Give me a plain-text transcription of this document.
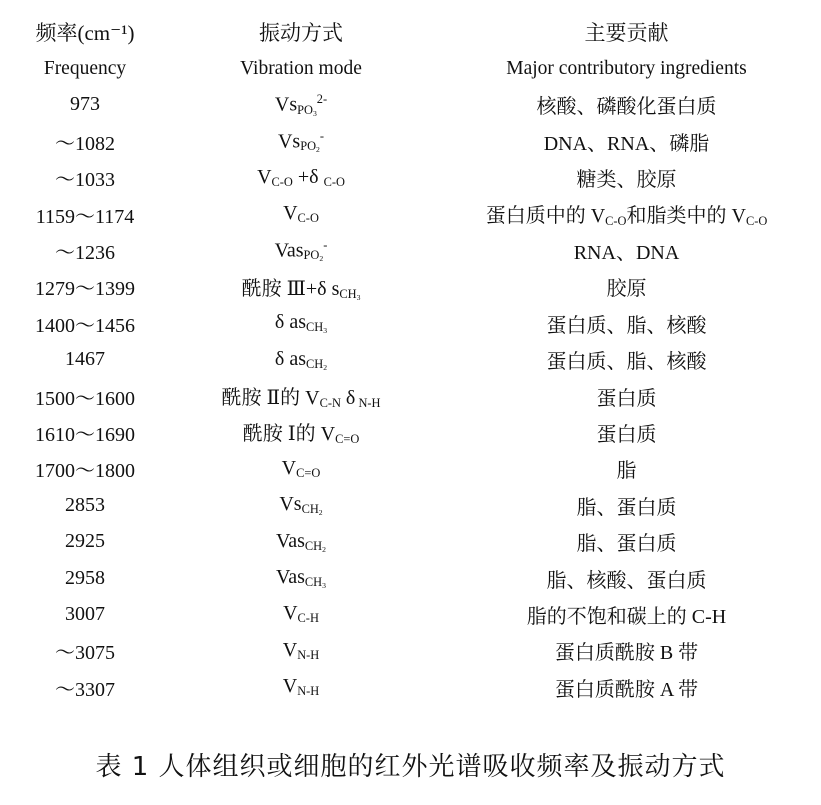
频率(cm⁻¹)	振动方式	主要贡献
Frequency	Vibration mode	Major contributory ingredients
973	$Vs_{PO_3}^{2-}$	核酸、磷酸化蛋白质
～1082	$Vs_{PO_2}^-$	DNA、RNA、磷脂
～1033	$V_{C-O} +\delta$ $_{C-O}$	糖类、胶原
1159～1174	$V_{C-O}$	蛋白质中的 $V_{C-O}$和脂类中的 $V_{C-O}$
～1236	Vas$_{PO_2}$-	RNA、DNA
1279～1399	酰胺 Ⅲ+δ $s_{CH_3}$	胶原
1400～1456	δ $as_{CH_3}$	蛋白质、脂、核酸
1467	δ $as_{CH_2}$	蛋白质、脂、核酸
1500～1600	酰胺 Ⅱ的 $V_{C-N}$ δ $_{N-H}$	蛋白质
1610～1690	酰胺 Ⅰ的 $V_{C=O}$	蛋白质
1700～1800	$V_{C=O}$	脂
2853	$Vs_{CH_2}$	脂、蛋白质
2925	Vas$_{CH_2}$	脂、蛋白质
2958	Vas$_{CH_3}$	脂、核酸、蛋白质
3007	$V_{C-H}$	脂的不饱和碳上的 C-H
～3075	$V_{N-H}$	蛋白质酰胺 B 带
～3307	$V_{N-H}$	蛋白质酰胺 A 带
表 1 人体组织或细胞的红外光谱吸收频率及振动方式
